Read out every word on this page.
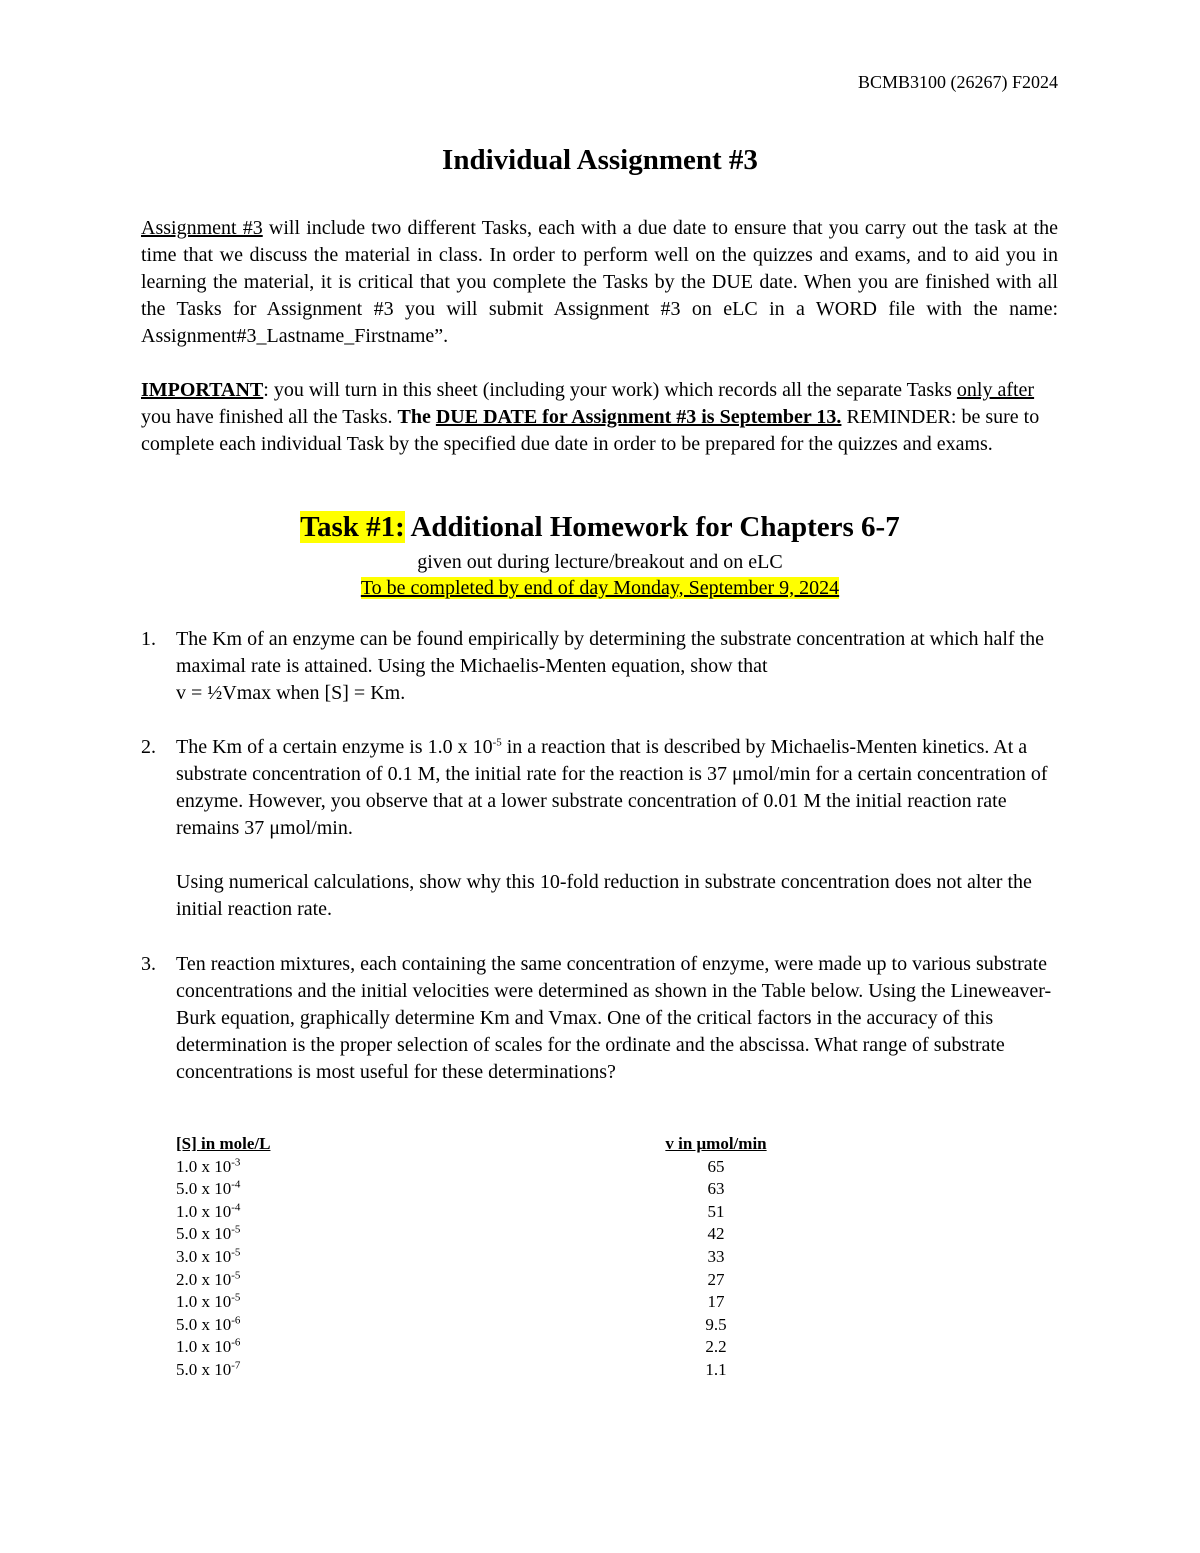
BCMB3100 (26267) F2024
Individual Assignment #3
Assignment #3 will include two different Tasks, each with a due date to ensure that you carry out the task at the time that we discuss the material in class. In order to perform well on the quizzes and exams, and to aid you in learning the material, it is critical that you complete the Tasks by the DUE date. When you are finished with all the Tasks for Assignment #3 you will submit Assignment #3 on eLC in a WORD file with the name: Assignment#3_Lastname_Firstname”.
IMPORTANT: you will turn in this sheet (including your work) which records all the separate Tasks only after you have finished all the Tasks. The DUE DATE for Assignment #3 is September 13. REMINDER: be sure to complete each individual Task by the specified due date in order to be prepared for the quizzes and exams.
Task #1: Additional Homework for Chapters 6-7
given out during lecture/breakout and on eLC
To be completed by end of day Monday, September 9, 2024
1. The Km of an enzyme can be found empirically by determining the substrate concentration at which half the maximal rate is attained. Using the Michaelis-Menten equation, show that
v = ½Vmax when [S] = Km.
2. The Km of a certain enzyme is 1.0 x $10^{-5}$ in a reaction that is described by Michaelis-Menten kinetics. At a substrate concentration of 0.1 M, the initial rate for the reaction is 37 μmol/min for a certain concentration of enzyme. However, you observe that at a lower substrate concentration of 0.01 M the initial reaction rate remains 37 μmol/min.
Using numerical calculations, show why this 10-fold reduction in substrate concentration does not alter the initial reaction rate.
3. Ten reaction mixtures, each containing the same concentration of enzyme, were made up to various substrate concentrations and the initial velocities were determined as shown in the Table below. Using the Lineweaver-Burk equation, graphically determine Km and Vmax. One of the critical factors in the accuracy of this determination is the proper selection of scales for the ordinate and the abscissa. What range of substrate concentrations is most useful for these determinations?
[S] in mole/L	v in μmol/min
1.0 x $10^{-3}$	65
5.0 x $10^{-4}$	63
1.0 x $10^{-4}$	51
5.0 x $10^{-5}$	42
3.0 x $10^{-5}$	33
2.0 x $10^{-5}$	27
1.0 x $10^{-5}$	17
5.0 x $10^{-6}$	9.5
1.0 x $10^{-6}$	2.2
5.0 x $10^{-7}$	1.1
